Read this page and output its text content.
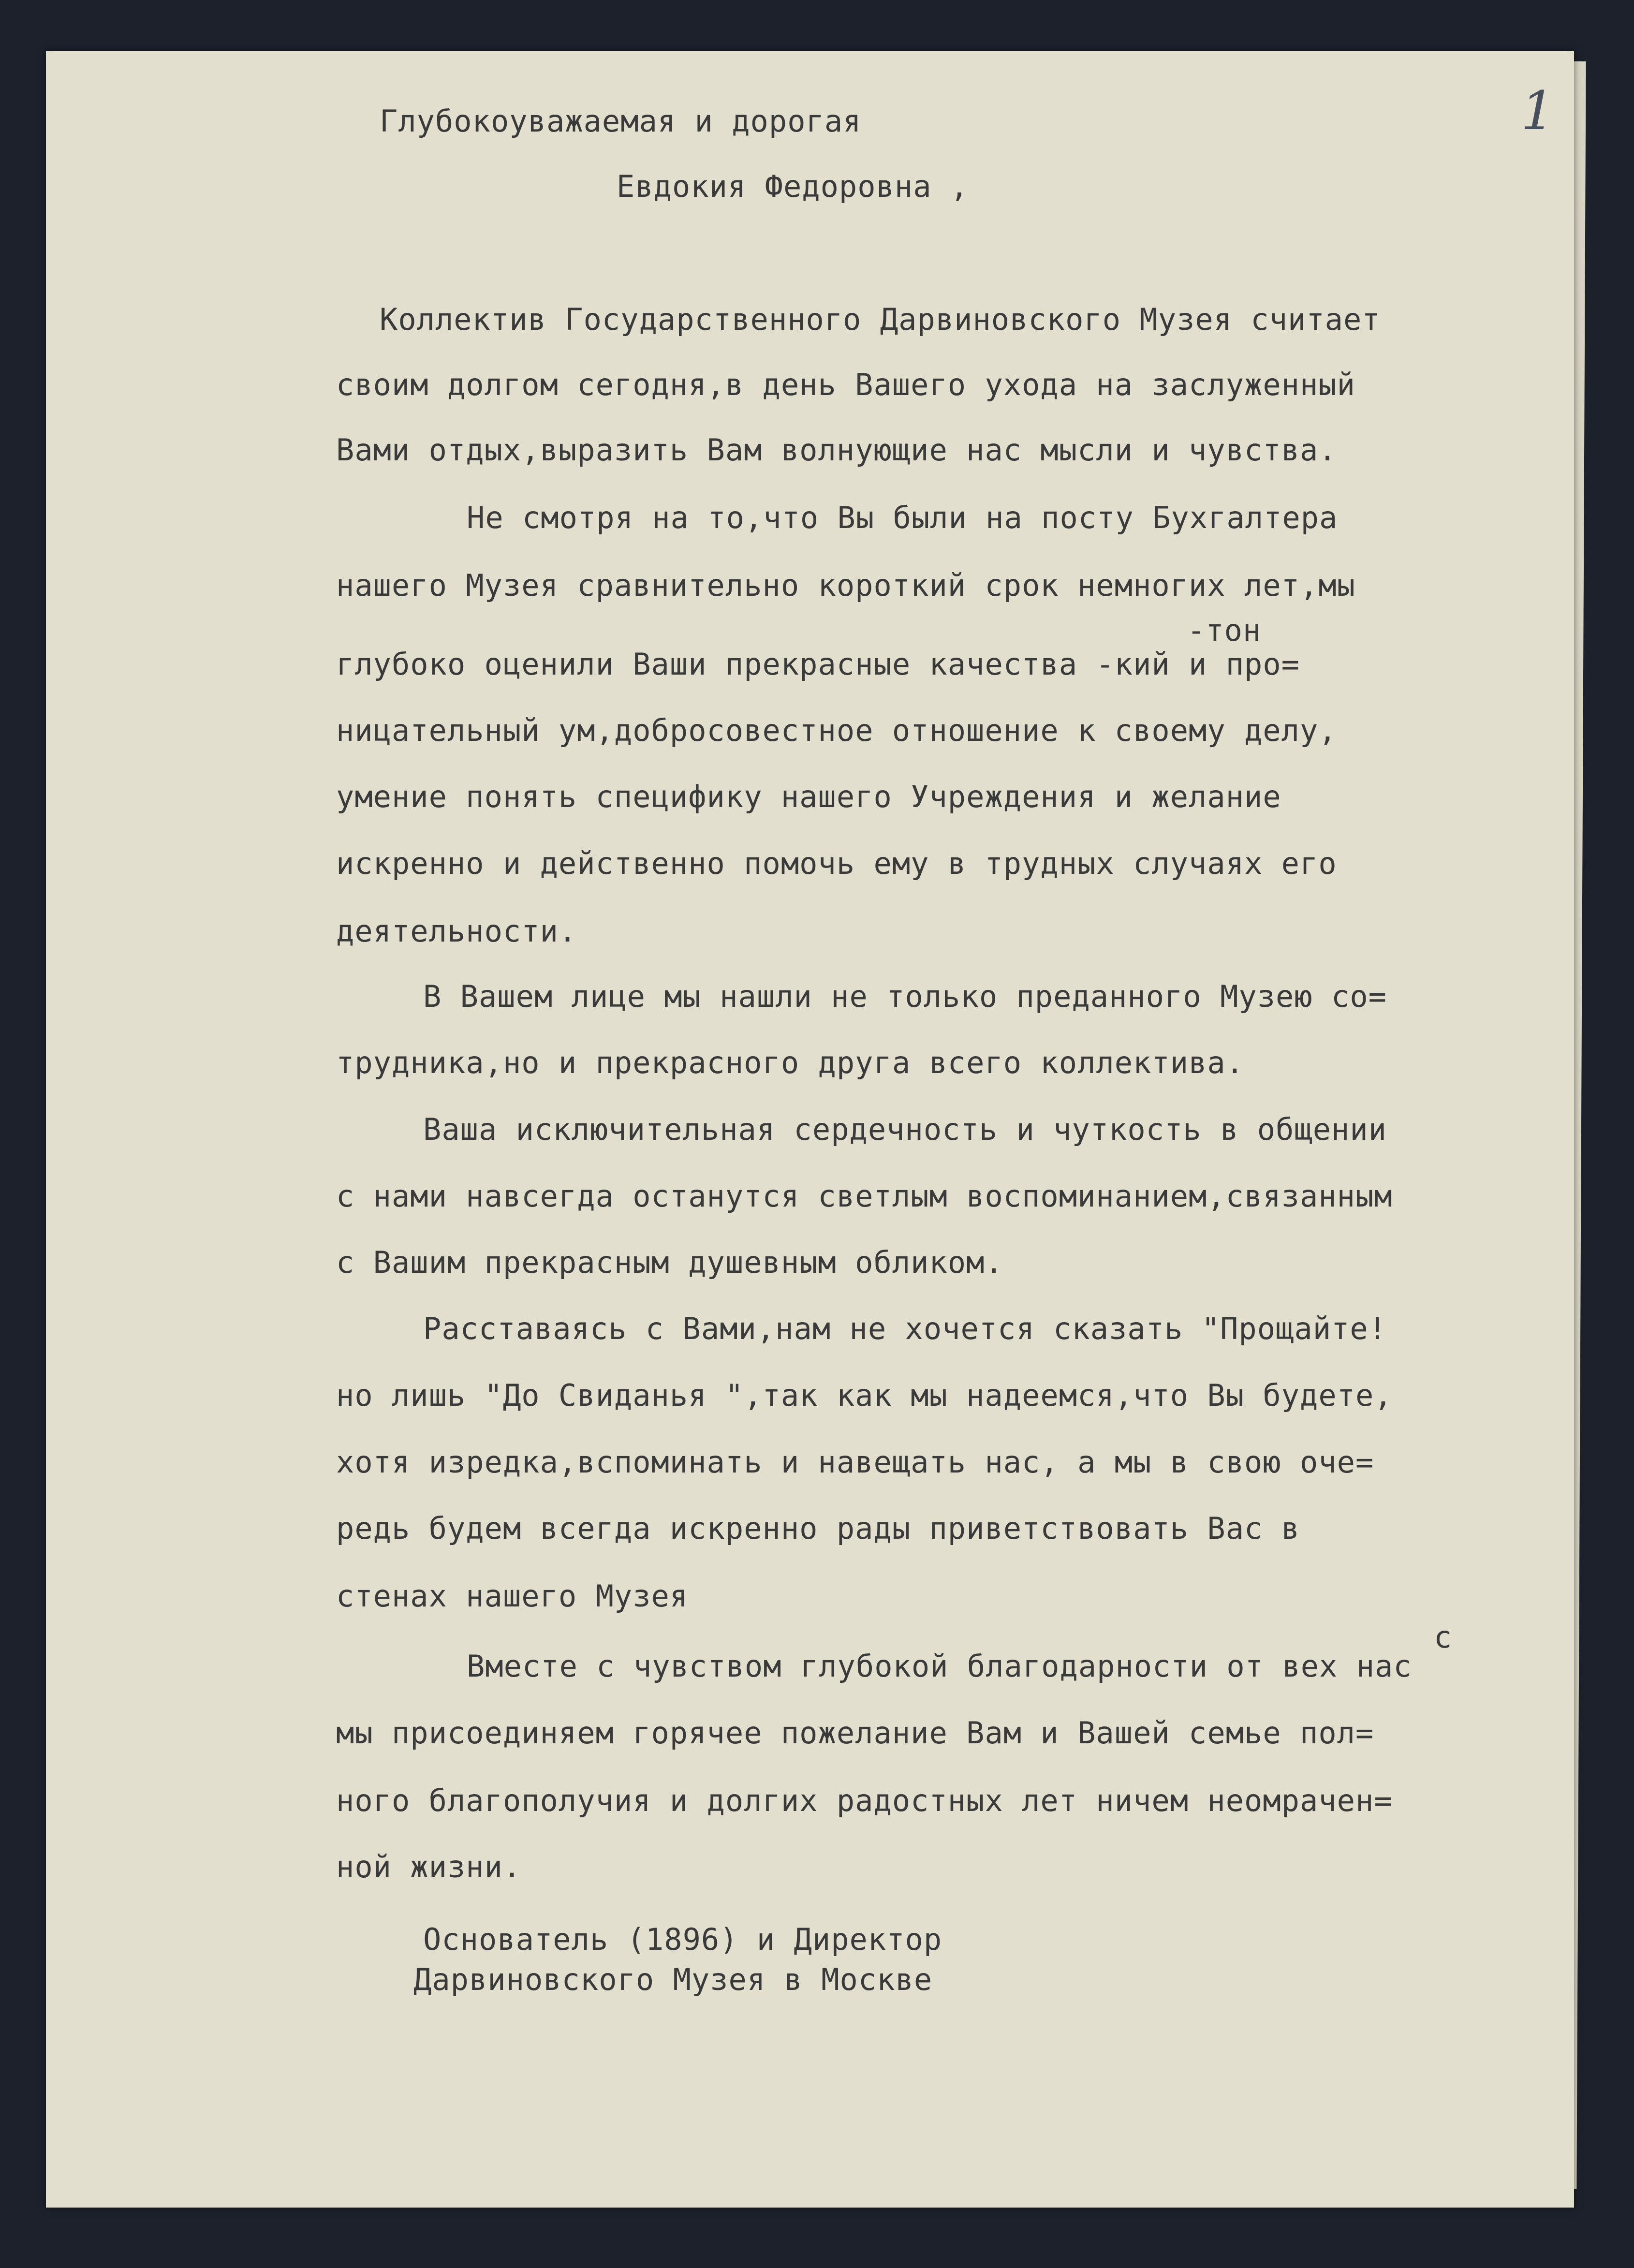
1
Глубокоуважаемая и дорогая
Евдокия Федоровна ,
Коллектив Государственного Дарвиновского Музея считает
своим долгом сегодня,в день Вашего ухода на заслуженный
Вами отдых,выразить Вам волнующие нас мысли и чувства.
Не смотря на то,что Вы были на посту Бухгалтера
нашего Музея сравнительно короткий срок немногих лет,мы
-тон
глубоко оценили Ваши прекрасные качества -кий и про=
ницательный ум,добросовестное отношение к своему делу,
умение понять специфику нашего Учреждения и желание
искренно и действенно помочь ему в трудных случаях его
деятельности.
В Вашем лице мы нашли не только преданного Музею со=
трудника,но и прекрасного друга всего коллектива.
Ваша исключительная сердечность и чуткость в общении
с нами навсегда останутся светлым воспоминанием,связанным
с Вашим прекрасным душевным обликом.
Расставаясь с Вами,нам не хочется сказать "Прощайте!
но лишь "До Свиданья ",так как мы надеемся,что Вы будете,
хотя изредка,вспоминать и навещать нас, а мы в свою оче=
редь будем всегда искренно рады приветствовать Вас в
стенах нашего Музея
с
Вместе с чувством глубокой благодарности от вех нас
мы присоединяем горячее пожелание Вам и Вашей семье пол=
ного благополучия и долгих радостных лет ничем неомрачен=
ной жизни.
Основатель (1896) и Директор
Дарвиновского Музея в Москве
